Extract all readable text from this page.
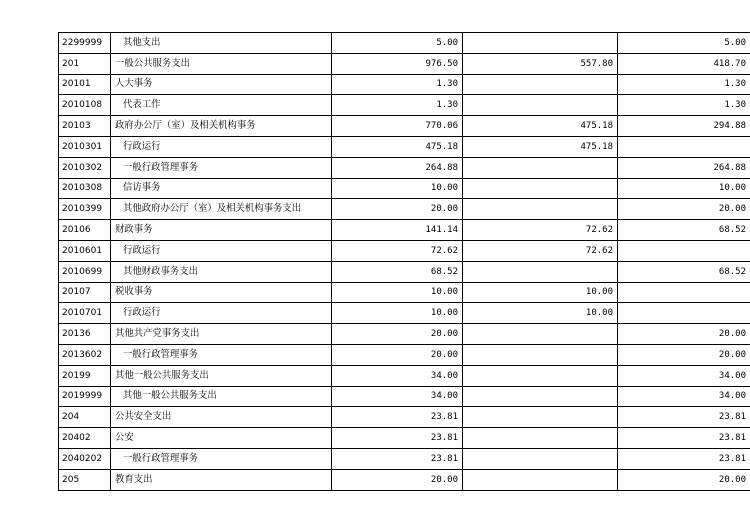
2299999	其他支出	5.00		5.00
201	一般公共服务支出	976.50	557.80	418.70
20101	人大事务	1.30		1.30
2010108	代表工作	1.30		1.30
20103	政府办公厅（室）及相关机构事务	770.06	475.18	294.88
2010301	行政运行	475.18	475.18	
2010302	一般行政管理事务	264.88		264.88
2010308	信访事务	10.00		10.00
2010399	其他政府办公厅（室）及相关机构事务支出	20.00		20.00
20106	财政事务	141.14	72.62	68.52
2010601	行政运行	72.62	72.62	
2010699	其他财政事务支出	68.52		68.52
20107	税收事务	10.00	10.00	
2010701	行政运行	10.00	10.00	
20136	其他共产党事务支出	20.00		20.00
2013602	一般行政管理事务	20.00		20.00
20199	其他一般公共服务支出	34.00		34.00
2019999	其他一般公共服务支出	34.00		34.00
204	公共安全支出	23.81		23.81
20402	公安	23.81		23.81
2040202	一般行政管理事务	23.81		23.81
205	教育支出	20.00		20.00
